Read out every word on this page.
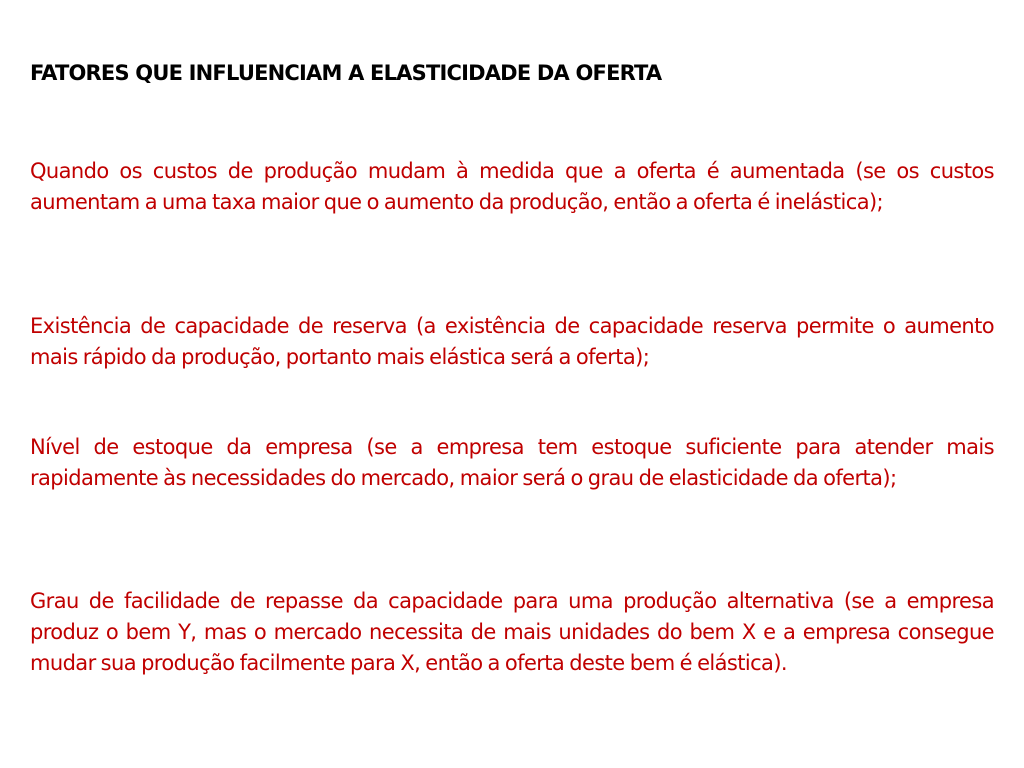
FATORES QUE INFLUENCIAM A ELASTICIDADE DA OFERTA

Quando os custos de produção mudam à medida que a oferta é aumentada (se os custos aumentam a uma taxa maior que o aumento da produção, então a oferta é inelástica);

Existência de capacidade de reserva (a existência de capacidade reserva permite o aumento mais rápido da produção, portanto mais elástica será a oferta);

Nível de estoque da empresa (se a empresa tem estoque suficiente para atender mais rapidamente às necessidades do mercado, maior será o grau de elasticidade da oferta);

Grau de facilidade de repasse da capacidade para uma produção alternativa (se a empresa produz o bem Y, mas o mercado necessita de mais unidades do bem X e a empresa consegue mudar sua produção facilmente para X, então a oferta deste bem é elástica).
